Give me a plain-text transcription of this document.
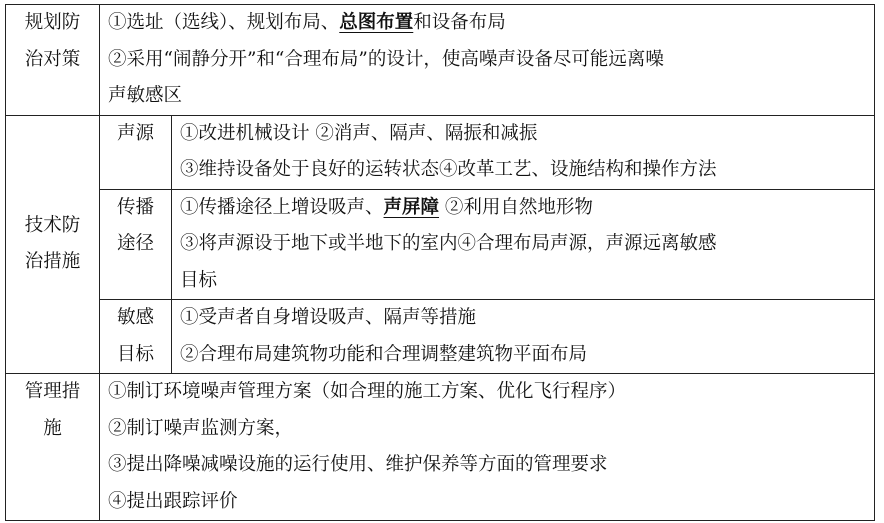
规划防
治对策	①选址（选线）、规划布局、总图布置和设备布局
②采用“闹静分开”和“合理布局”的设计，使高噪声设备尽可能远离噪
声敏感区	

技术防
治措施	声源	①改进机械设计 ②消声、隔声、隔振和减振
③维持设备处于良好的运转状态④改革工艺、设施结构和操作方法

	传播
途径	①传播途径上增设吸声、声屏障 ②利用自然地形物
③将声源设于地下或半地下的室内④合理布局声源，声源远离敏感
目标

	敏感
目标	①受声者自身增设吸声、隔声等措施
②合理布局建筑物功能和合理调整建筑物平面布局

管理措
施	①制订环境噪声管理方案（如合理的施工方案、优化飞行程序）
②制订噪声监测方案，
③提出降噪减噪设施的运行使用、维护保养等方面的管理要求
④提出跟踪评价	
